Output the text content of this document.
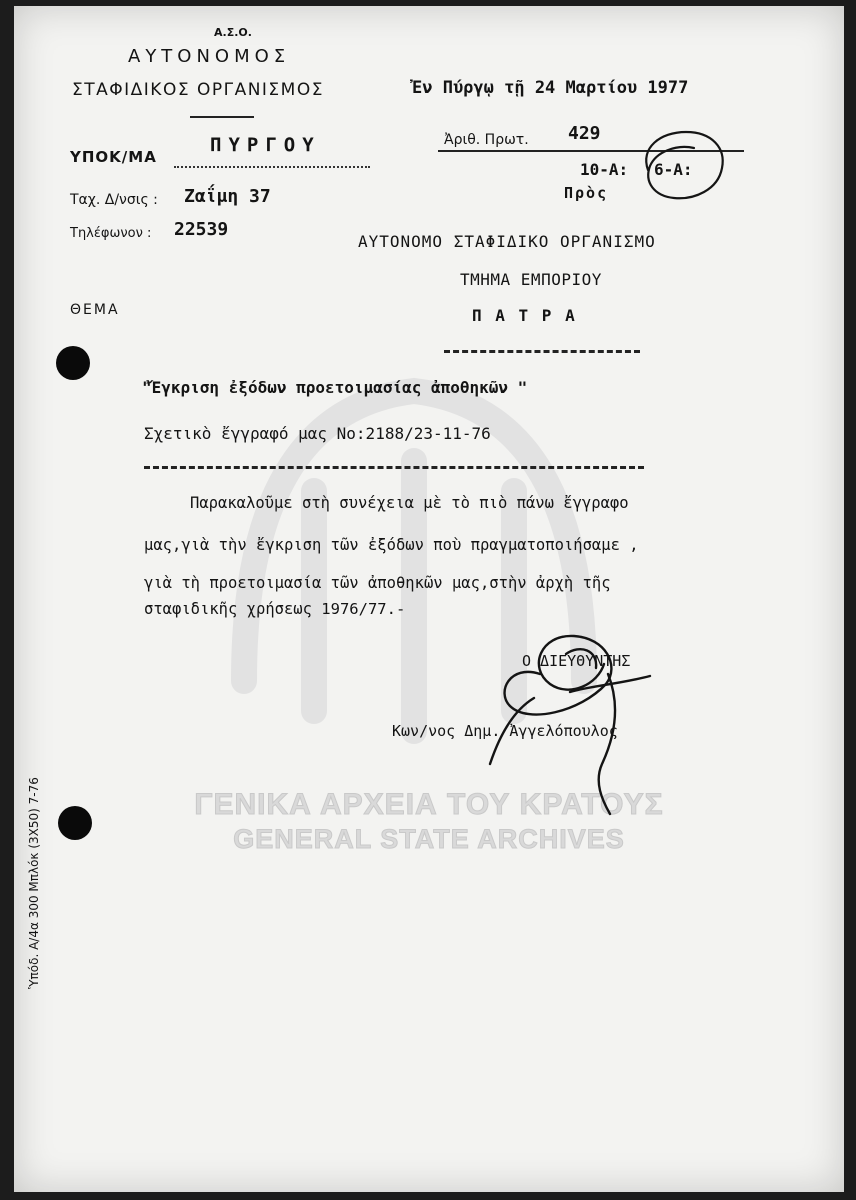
ΓΕΝΙΚΑ ΑΡΧΕΙΑ ΤΟΥ ΚΡΑΤΟΥΣ
GENERAL STATE ARCHIVES
Α.Σ.Ο.
ΑΥΤΟΝΟΜΟΣ
ΣΤΑΦΙΔΙΚΟΣ ΟΡΓΑΝΙΣΜΟΣ
ΥΠΟΚ/ΜΑ
ΠΥΡΓΟΥ
Ταχ. Δ/νσις : Ζαΐμη 37
Τηλέφωνον : 22539
ΘΕΜΑ
Ἐν Πύργῳ τῇ 24 Μαρτίου 1977
Ἀριθ. Πρωτ. 429
10-Α: 6-Α:
Πρὸς
ΑΥΤΟΝΟΜΟ ΣΤΑΦΙΔΙΚΟ ΟΡΓΑΝΙΣΜΟ
ΤΜΗΜΑ ΕΜΠΟΡΙΟΥ
Π Α Τ Ρ Α
"Ἔγκριση ἐξόδων προετοιμασίας ἀποθηκῶν "
Σχετικὸ ἔγγραφό μας Νο:2188/23-11-76
Παρακαλοῦμε στὴ συνέχεια μὲ τὸ πιὸ πάνω ἔγγραφο
μας,γιὰ τὴν ἔγκριση τῶν ἐξόδων ποὺ πραγματοποιήσαμε ,
γιὰ τὴ προετοιμασία τῶν ἀποθηκῶν μας,στὴν ἀρχὴ τῆς
σταφιδικῆς χρήσεως 1976/77.-
Ο ΔΙΕΥΘΥΝΤΗΣ
Κων/νος Δημ. Ἀγγελόπουλος
Ὑπόδ. Α/4α 300 Μπλόκ (3Χ50) 7-76
